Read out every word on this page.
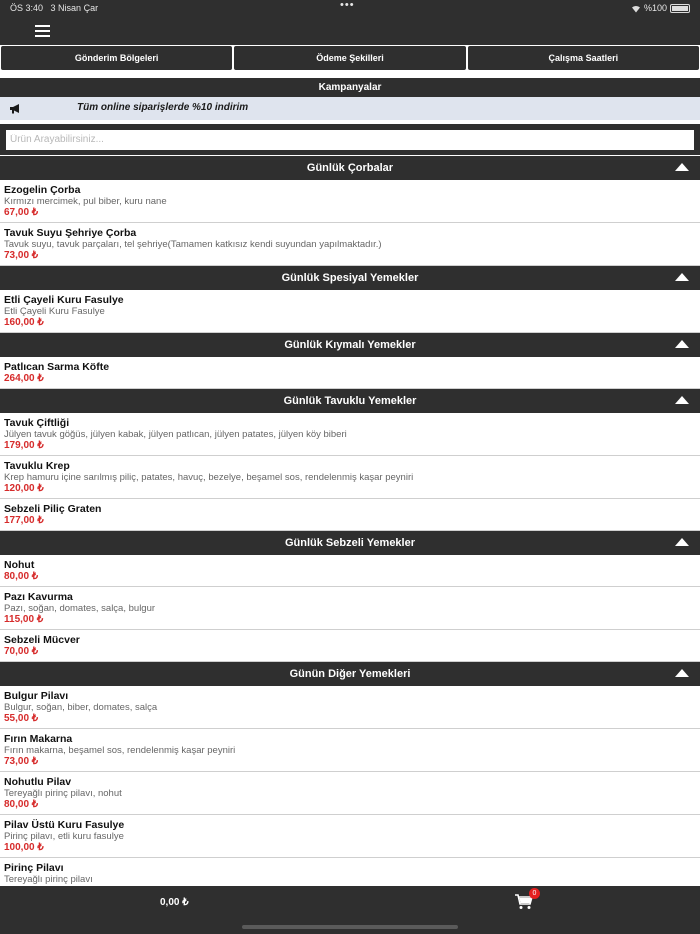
ÖS 3:40 3 Nisan Çar	•••	%100
Gönderim Bölgeleri	Ödeme Şekilleri	Çalışma Saatleri
Kampanyalar
Tüm online siparişlerde %10 indirim
Ürün Arayabilirsiniz...
Günlük Çorbalar
Ezogelin Çorba
Kırmızı mercimek, pul biber, kuru nane
67,00 ₺
Tavuk Suyu Şehriye Çorba
Tavuk suyu, tavuk parçaları, tel şehriye(Tamamen katkısız kendi suyundan yapılmaktadır.)
73,00 ₺
Günlük Spesiyal Yemekler
Etli Çayeli Kuru Fasulye
Etli Çayeli Kuru Fasulye
160,00 ₺
Günlük Kıymalı Yemekler
Patlıcan Sarma Köfte
264,00 ₺
Günlük Tavuklu Yemekler
Tavuk Çiftliği
Jülyen tavuk göğüs, jülyen kabak, jülyen patlıcan, jülyen patates, jülyen köy biberi
179,00 ₺
Tavuklu Krep
Krep hamuru içine sarılmış piliç, patates, havuç, bezelye, beşamel sos, rendelenmiş kaşar peyniri
120,00 ₺
Sebzeli Piliç Graten
177,00 ₺
Günlük Sebzeli Yemekler
Nohut
80,00 ₺
Pazı Kavurma
Pazı, soğan, domates, salça, bulgur
115,00 ₺
Sebzeli Mücver
70,00 ₺
Günün Diğer Yemekleri
Bulgur Pilavı
Bulgur, soğan, biber, domates, salça
55,00 ₺
Fırın Makarna
Fırın makarna, beşamel sos, rendelenmiş kaşar peyniri
73,00 ₺
Nohutlu Pilav
Tereyağlı pirinç pilavı, nohut
80,00 ₺
Pilav Üstü Kuru Fasulye
Pirinç pilavı, etli kuru fasulye
100,00 ₺
Pirinç Pilavı
Tereyağlı pirinç pilavı
0,00 ₺
0
